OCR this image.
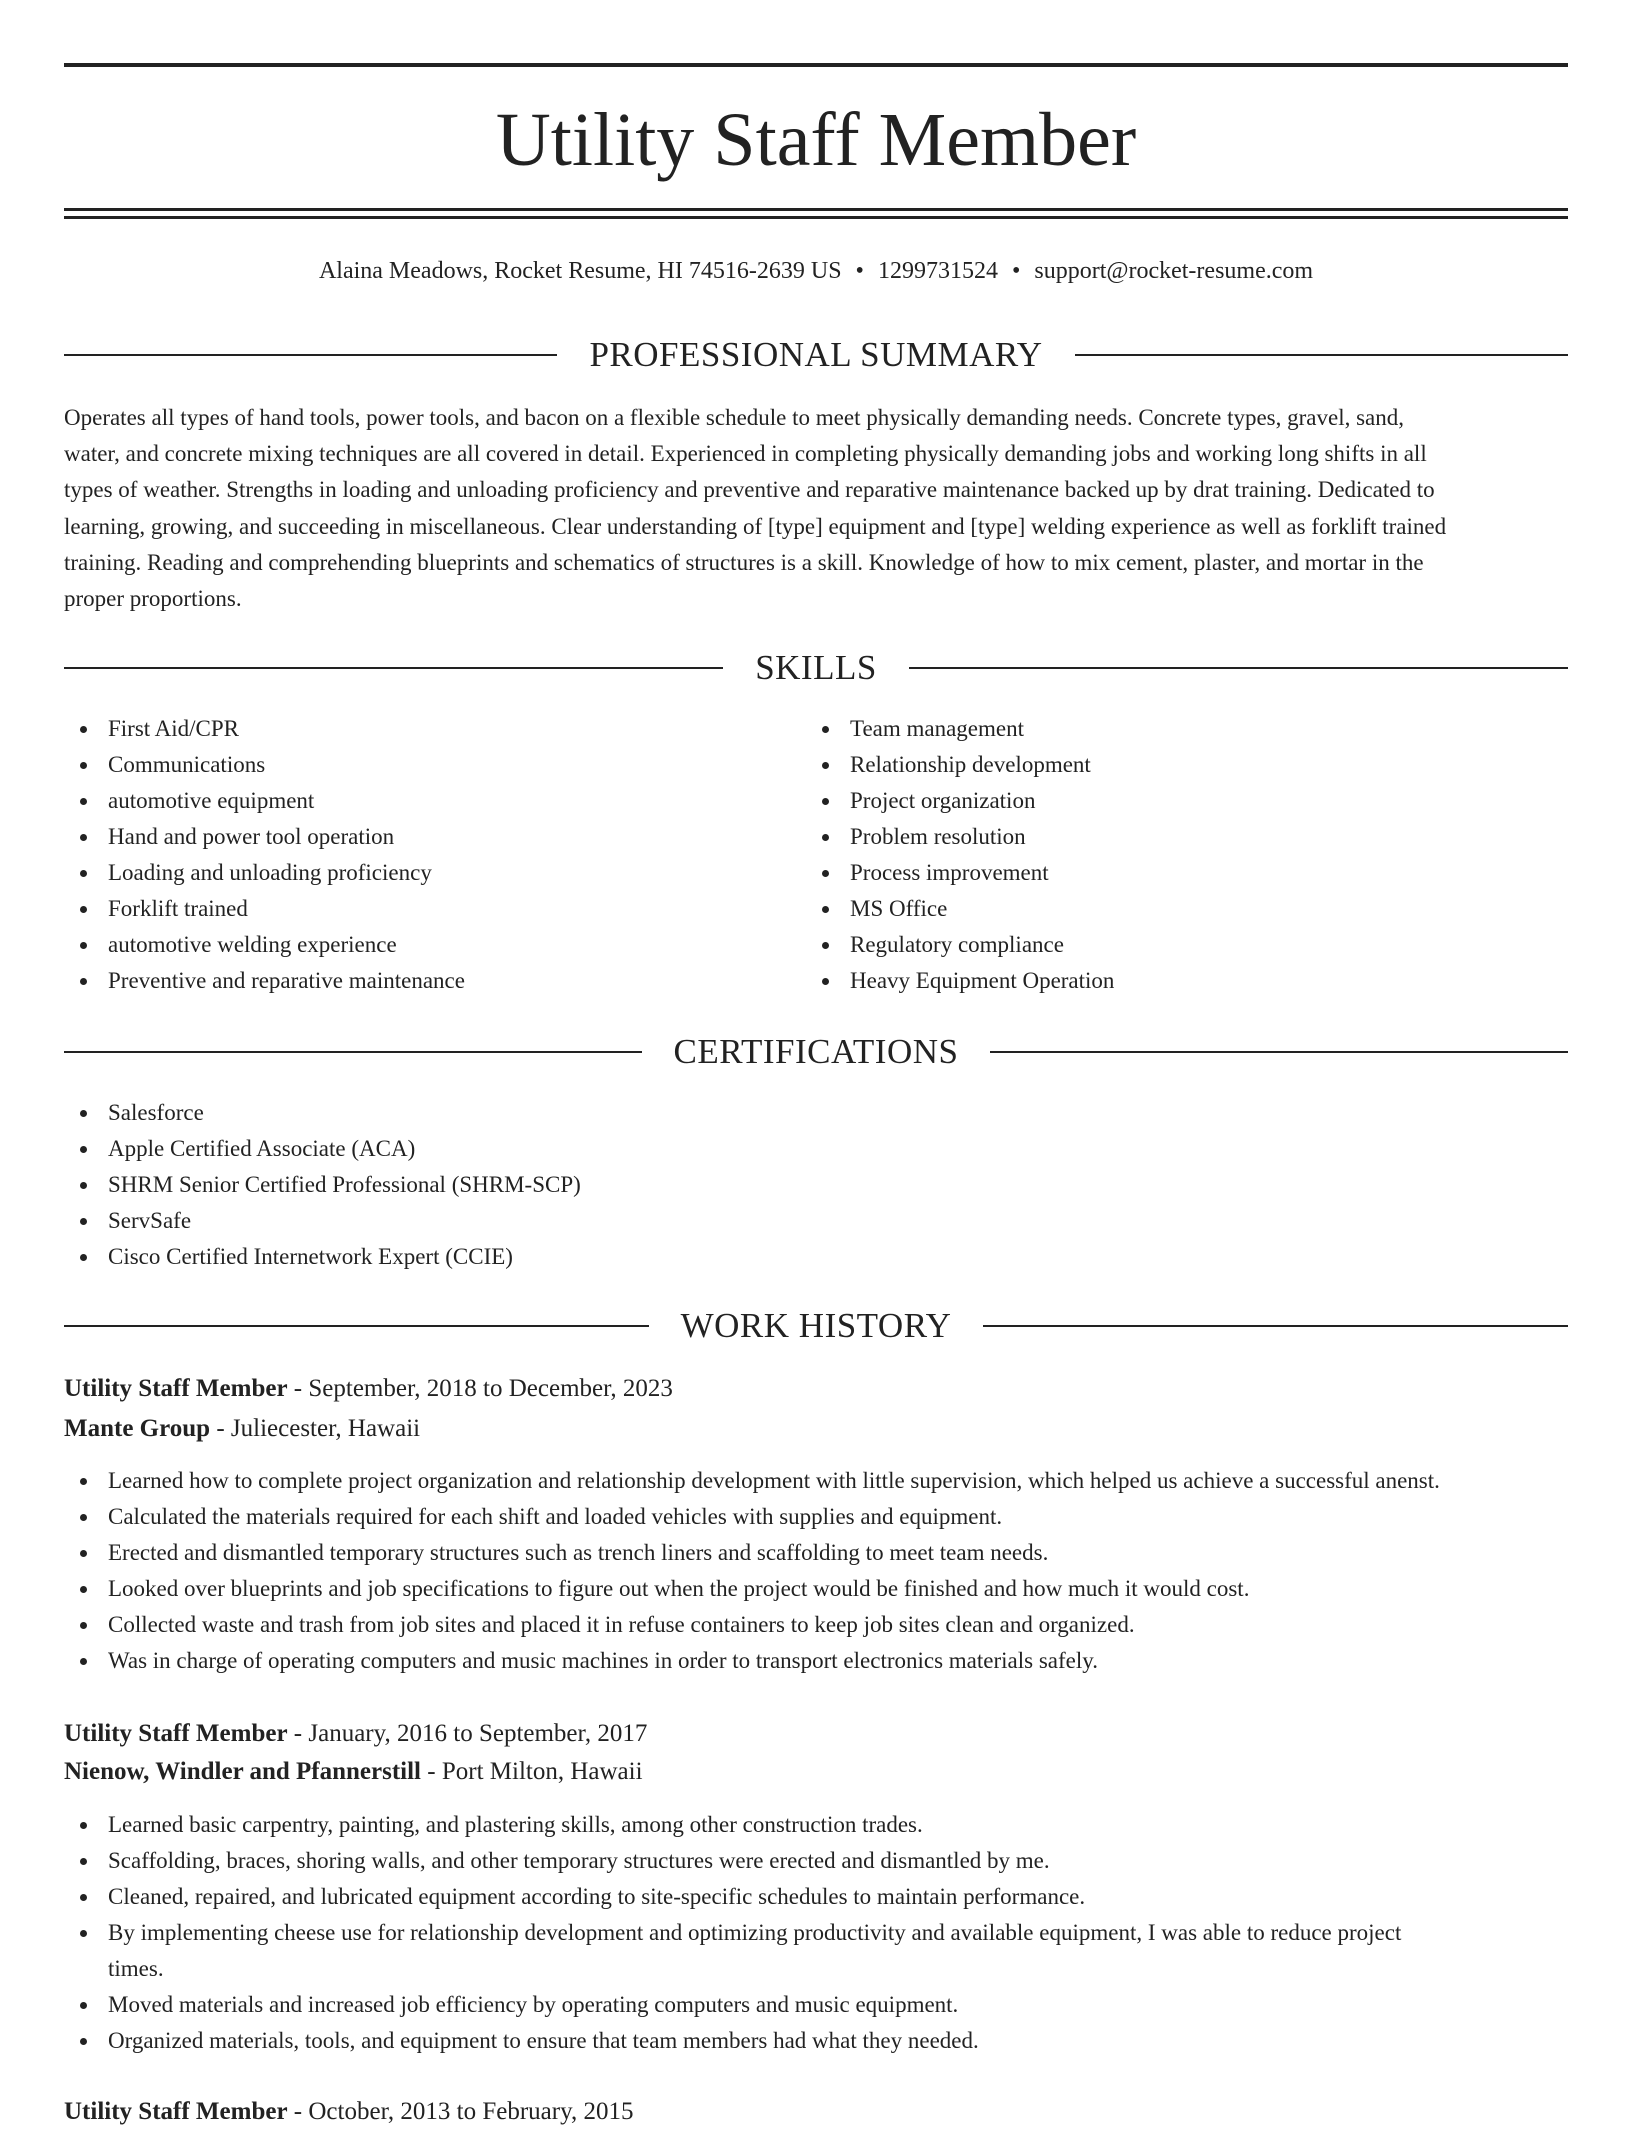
Utility Staff Member
Alaina Meadows, Rocket Resume, HI 74516-2639 US • 1299731524 • support@rocket-resume.com
PROFESSIONAL SUMMARY
Operates all types of hand tools, power tools, and bacon on a flexible schedule to meet physically demanding needs. Concrete types, gravel, sand,
water, and concrete mixing techniques are all covered in detail. Experienced in completing physically demanding jobs and working long shifts in all
types of weather. Strengths in loading and unloading proficiency and preventive and reparative maintenance backed up by drat training. Dedicated to
learning, growing, and succeeding in miscellaneous. Clear understanding of [type] equipment and [type] welding experience as well as forklift trained
training. Reading and comprehending blueprints and schematics of structures is a skill. Knowledge of how to mix cement, plaster, and mortar in the
proper proportions.
SKILLS
First Aid/CPR
Communications
automotive equipment
Hand and power tool operation
Loading and unloading proficiency
Forklift trained
automotive welding experience
Preventive and reparative maintenance
Team management
Relationship development
Project organization
Problem resolution
Process improvement
MS Office
Regulatory compliance
Heavy Equipment Operation
CERTIFICATIONS
Salesforce
Apple Certified Associate (ACA)
SHRM Senior Certified Professional (SHRM-SCP)
ServSafe
Cisco Certified Internetwork Expert (CCIE)
WORK HISTORY
Utility Staff Member - September, 2018 to December, 2023
Mante Group - Juliecester, Hawaii
Learned how to complete project organization and relationship development with little supervision, which helped us achieve a successful anenst.
Calculated the materials required for each shift and loaded vehicles with supplies and equipment.
Erected and dismantled temporary structures such as trench liners and scaffolding to meet team needs.
Looked over blueprints and job specifications to figure out when the project would be finished and how much it would cost.
Collected waste and trash from job sites and placed it in refuse containers to keep job sites clean and organized.
Was in charge of operating computers and music machines in order to transport electronics materials safely.
Utility Staff Member - January, 2016 to September, 2017
Nienow, Windler and Pfannerstill - Port Milton, Hawaii
Learned basic carpentry, painting, and plastering skills, among other construction trades.
Scaffolding, braces, shoring walls, and other temporary structures were erected and dismantled by me.
Cleaned, repaired, and lubricated equipment according to site-specific schedules to maintain performance.
By implementing cheese use for relationship development and optimizing productivity and available equipment, I was able to reduce project
times.
Moved materials and increased job efficiency by operating computers and music equipment.
Organized materials, tools, and equipment to ensure that team members had what they needed.
Utility Staff Member - October, 2013 to February, 2015
